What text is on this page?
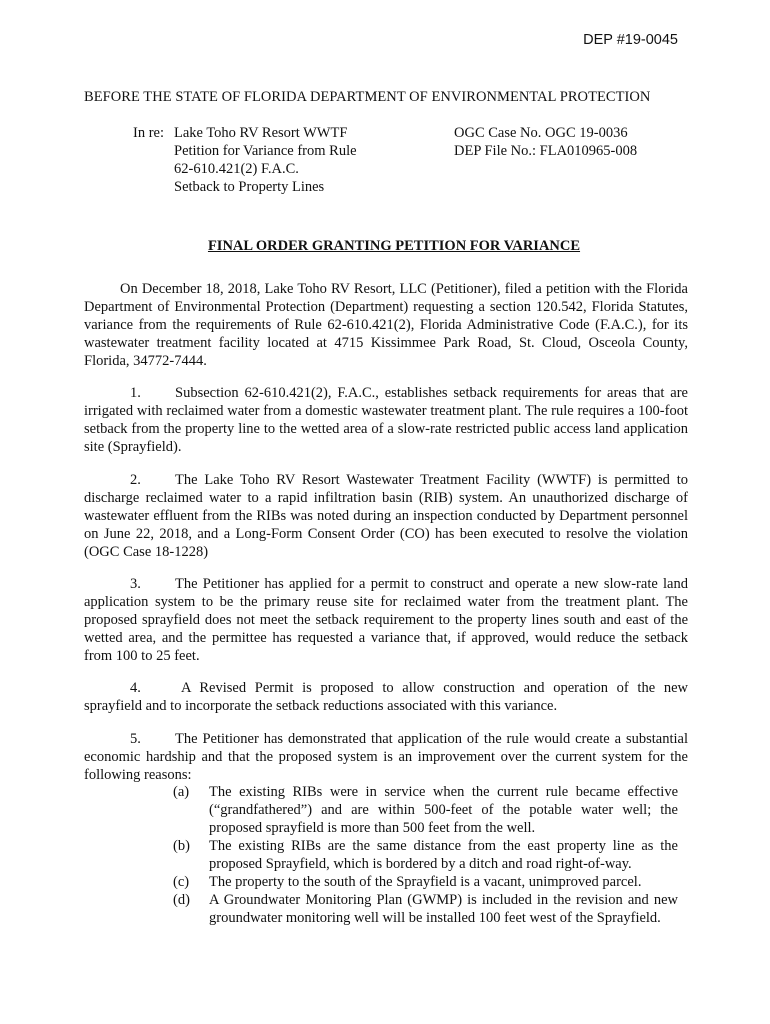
DEP #19-0045
BEFORE THE STATE OF FLORIDA DEPARTMENT OF ENVIRONMENTAL PROTECTION
In re: Lake Toho RV Resort WWTF
Petition for Variance from Rule
62-610.421(2) F.A.C.
Setback to Property Lines
OGC Case No. OGC 19-0036
DEP File No.: FLA010965-008
FINAL ORDER GRANTING PETITION FOR VARIANCE
On December 18, 2018, Lake Toho RV Resort, LLC (Petitioner), filed a petition with the Florida Department of Environmental Protection (Department) requesting a section 120.542, Florida Statutes, variance from the requirements of Rule 62-610.421(2), Florida Administrative Code (F.A.C.), for its wastewater treatment facility located at 4715 Kissimmee Park Road, St. Cloud, Osceola County, Florida, 34772-7444.
1. Subsection 62-610.421(2), F.A.C., establishes setback requirements for areas that are irrigated with reclaimed water from a domestic wastewater treatment plant. The rule requires a 100-foot setback from the property line to the wetted area of a slow-rate restricted public access land application site (Sprayfield).
2. The Lake Toho RV Resort Wastewater Treatment Facility (WWTF) is permitted to discharge reclaimed water to a rapid infiltration basin (RIB) system. An unauthorized discharge of wastewater effluent from the RIBs was noted during an inspection conducted by Department personnel on June 22, 2018, and a Long-Form Consent Order (CO) has been executed to resolve the violation (OGC Case 18-1228)
3. The Petitioner has applied for a permit to construct and operate a new slow-rate land application system to be the primary reuse site for reclaimed water from the treatment plant. The proposed sprayfield does not meet the setback requirement to the property lines south and east of the wetted area, and the permittee has requested a variance that, if approved, would reduce the setback from 100 to 25 feet.
4.	A Revised Permit is proposed to allow construction and operation of the new sprayfield and to incorporate the setback reductions associated with this variance.
5. The Petitioner has demonstrated that application of the rule would create a substantial economic hardship and that the proposed system is an improvement over the current system for the following reasons:
(a)	The existing RIBs were in service when the current rule became effective (“grandfathered”) and are within 500-feet of the potable water well; the proposed sprayfield is more than 500 feet from the well.
(b)	The existing RIBs are the same distance from the east property line as the proposed Sprayfield, which is bordered by a ditch and road right-of-way.
(c)	The property to the south of the Sprayfield is a vacant, unimproved parcel.
(d)	A Groundwater Monitoring Plan (GWMP) is included in the revision and new groundwater monitoring well will be installed 100 feet west of the Sprayfield.
